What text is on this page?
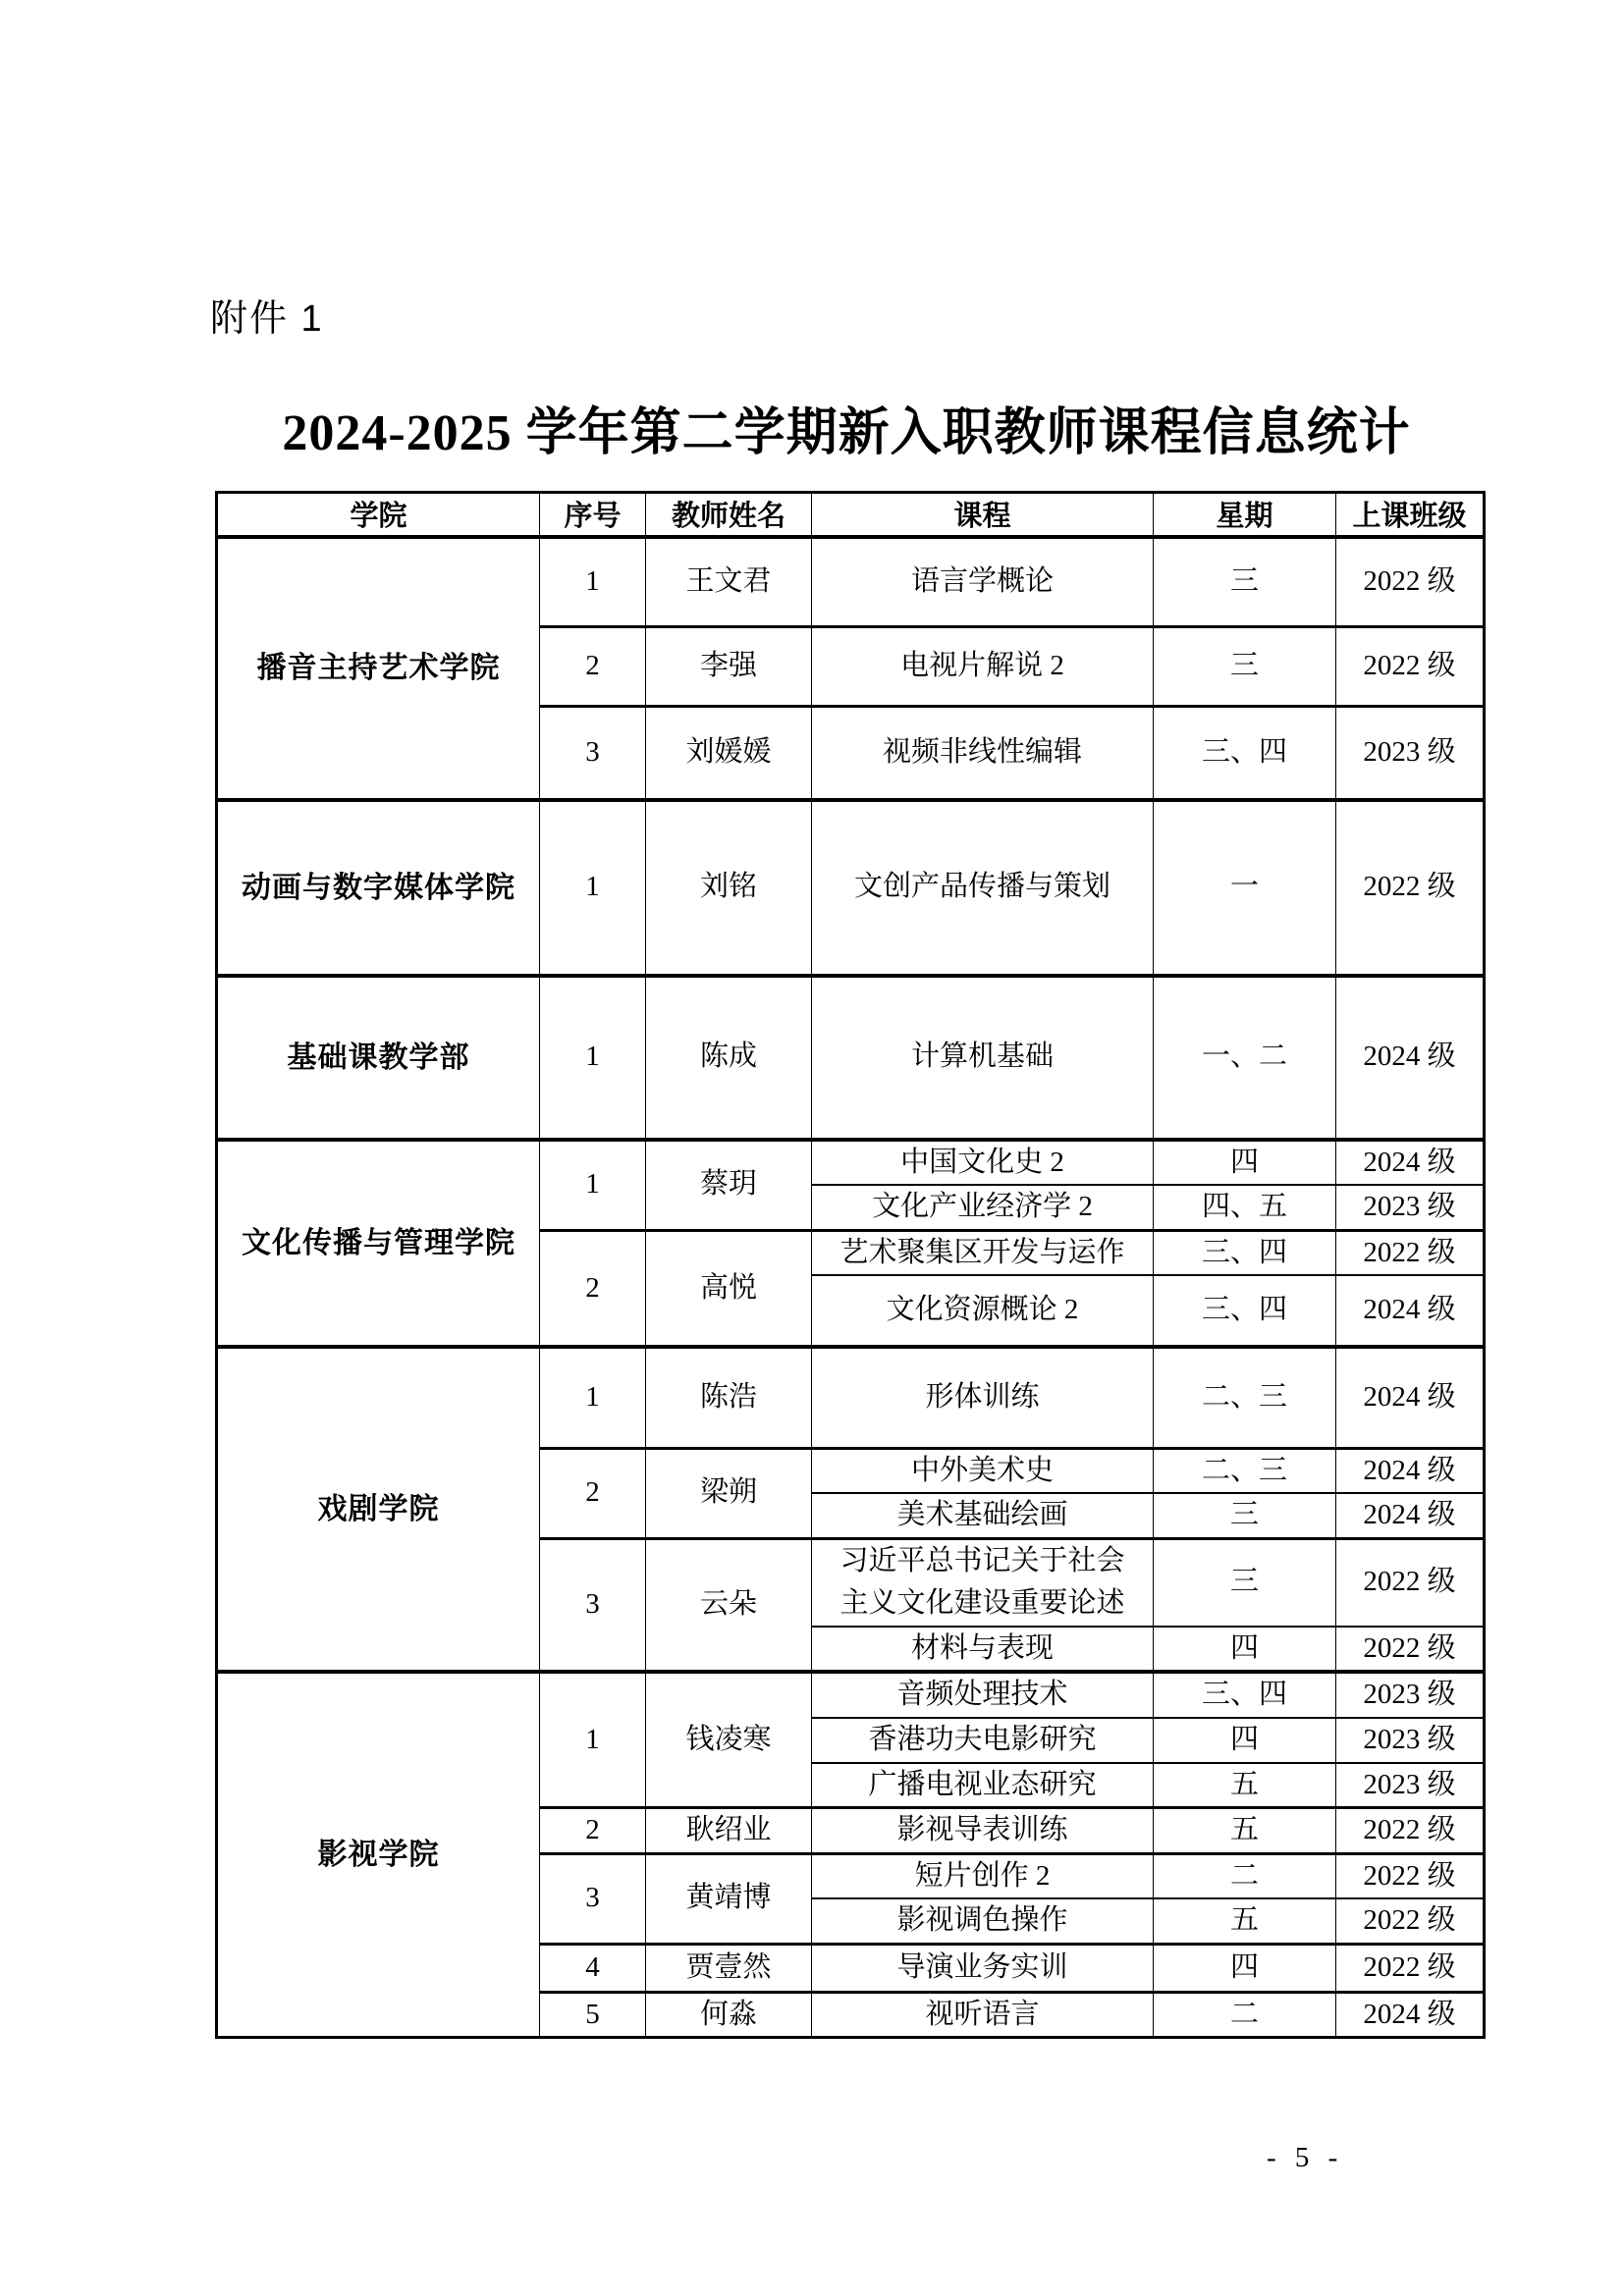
附件 1
2024-2025 学年第二学期新入职教师课程信息统计
学院	序号	教师姓名	课程	星期	上课班级
播音主持艺术学院	1	王文君	语言学概论	三	2022 级
	2	李强	电视片解说 2	三	2022 级
	3	刘媛媛	视频非线性编辑	三、四	2023 级
动画与数字媒体学院	1	刘铭	文创产品传播与策划	一	2022 级
基础课教学部	1	陈成	计算机基础	一、二	2024 级
文化传播与管理学院	1	蔡玥	中国文化史 2	四	2024 级
			文化产业经济学 2	四、五	2023 级
	2	高悦	艺术聚集区开发与运作	三、四	2022 级
			文化资源概论 2	三、四	2024 级
戏剧学院	1	陈浩	形体训练	二、三	2024 级
	2	梁朔	中外美术史	二、三	2024 级
			美术基础绘画	三	2024 级
	3	云朵	习近平总书记关于社会主义文化建设重要论述	三	2022 级
			材料与表现	四	2022 级
影视学院	1	钱凌寒	音频处理技术	三、四	2023 级
			香港功夫电影研究	四	2023 级
			广播电视业态研究	五	2023 级
	2	耿绍业	影视导表训练	五	2022 级
	3	黄靖博	短片创作 2	二	2022 级
			影视调色操作	五	2022 级
	4	贾壹然	导演业务实训	四	2022 级
	5	何淼	视听语言	二	2024 级
- 5 -
